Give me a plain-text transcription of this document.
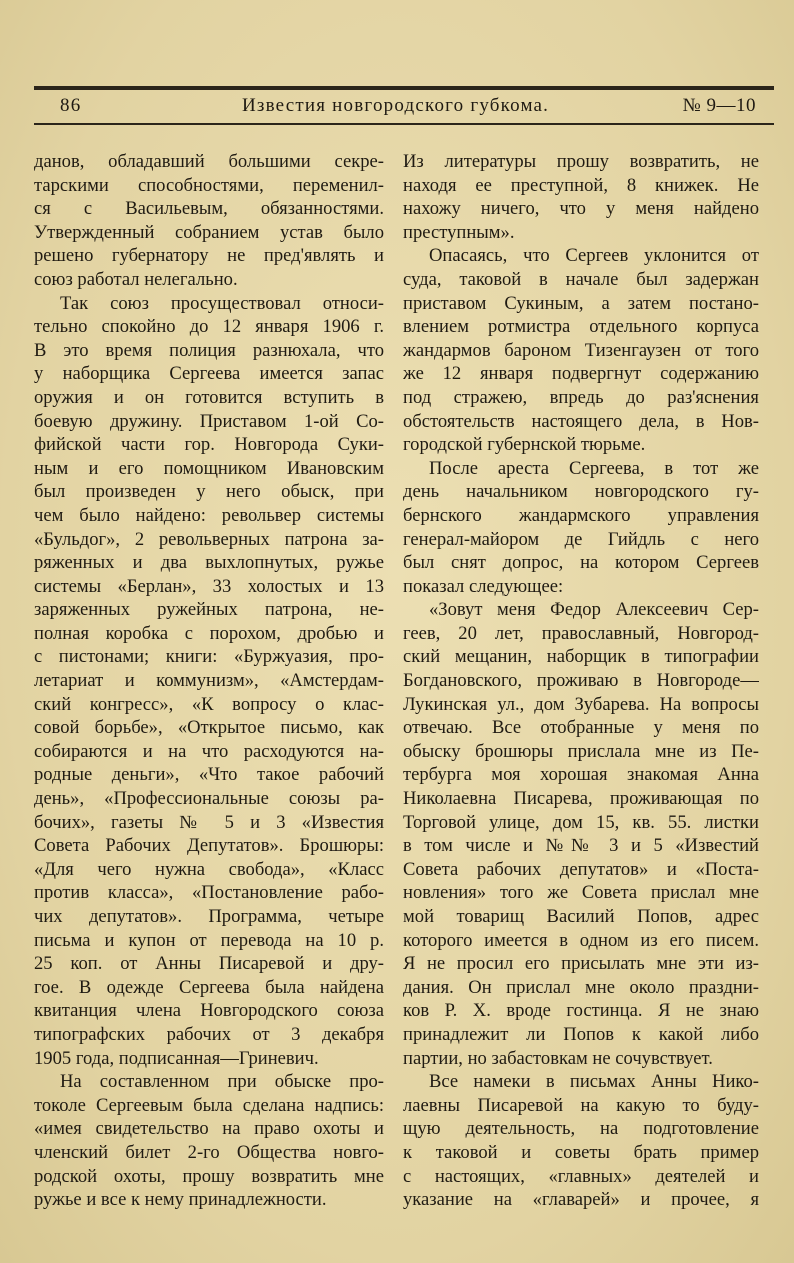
86	Известия новгородского губкома.	№ 9—10
данов, обладавший большими секре-
тарскими способностями, переменил-
ся с Васильевым, обязанностями.
Утвержденный собранием устав было
решено губернатору не пред'являть и
союз работал нелегально.
Так союз просуществовал относи-
тельно спокойно до 12 января 1906 г.
В это время полиция разнюхала, что
у наборщика Сергеева имеется запас
оружия и он готовится вступить в
боевую дружину. Приставом 1-ой Со-
фийской части гор. Новгорода Суки-
ным и его помощником Ивановским
был произведен у него обыск, при
чем было найдено: револьвер системы
«Бульдог», 2 револьверных патрона за-
ряженных и два выхлопнутых, ружье
системы «Берлан», 33 холостых и 13
заряженных ружейных патрона, не-
полная коробка с порохом, дробью и
с пистонами; книги: «Буржуазия, про-
летариат и коммунизм», «Амстердам-
ский конгресс», «К вопросу о клас-
совой борьбе», «Открытое письмо, как
собираются и на что расходуются на-
родные деньги», «Что такое рабочий
день», «Профессиональные союзы ра-
бочих», газеты № 5 и 3 «Известия
Совета Рабочих Депутатов». Брошюры:
«Для чего нужна свобода», «Класс
против класса», «Постановление рабо-
чих депутатов». Программа, четыре
письма и купон от перевода на 10 р.
25 коп. от Анны Писаревой и дру-
гое. В одежде Сергеева была найдена
квитанция члена Новгородского союза
типографских рабочих от 3 декабря
1905 года, подписанная—Гриневич.
На составленном при обыске про-
токоле Сергеевым была сделана надпись:
«имея свидетельство на право охоты и
членский билет 2-го Общества новго-
родской охоты, прошу возвратить мне
ружье и все к нему принадлежности.
Из литературы прошу возвратить, не
находя ее преступной, 8 книжек. Не
нахожу ничего, что у меня найдено
преступным».
Опасаясь, что Сергеев уклонится от
суда, таковой в начале был задержан
приставом Сукиным, а затем постано-
влением ротмистра отдельного корпуса
жандармов бароном Тизенгаузен от того
же 12 января подвергнут содержанию
под стражею, впредь до раз'яснения
обстоятельств настоящего дела, в Нов-
городской губернской тюрьме.
После ареста Сергеева, в тот же
день начальником новгородского гу-
бернского жандармского управления
генерал-майором де Гийдль с него
был снят допрос, на котором Сергеев
показал следующее:
«Зовут меня Федор Алексеевич Сер-
геев, 20 лет, православный, Новгород-
ский мещанин, наборщик в типографии
Богдановского, проживаю в Новгороде—
Лукинская ул., дом Зубарева. На вопросы
отвечаю. Все отобранные у меня по
обыску брошюры прислала мне из Пе-
тербурга моя хорошая знакомая Анна
Николаевна Писарева, проживающая по
Торговой улице, дом 15, кв. 55. листки
в том числе и №№ 3 и 5 «Известий
Совета рабочих депутатов» и «Поста-
новления» того же Совета прислал мне
мой товарищ Василий Попов, адрес
которого имеется в одном из его писем.
Я не просил его присылать мне эти из-
дания. Он прислал мне около праздни-
ков Р. Х. вроде гостинца. Я не знаю
принадлежит ли Попов к какой либо
партии, но забастовкам не сочувствует.
Все намеки в письмах Анны Нико-
лаевны Писаревой на какую то буду-
щую деятельность, на подготовление
к таковой и советы брать пример
с настоящих, «главных» деятелей и
указание на «главарей» и прочее, я
